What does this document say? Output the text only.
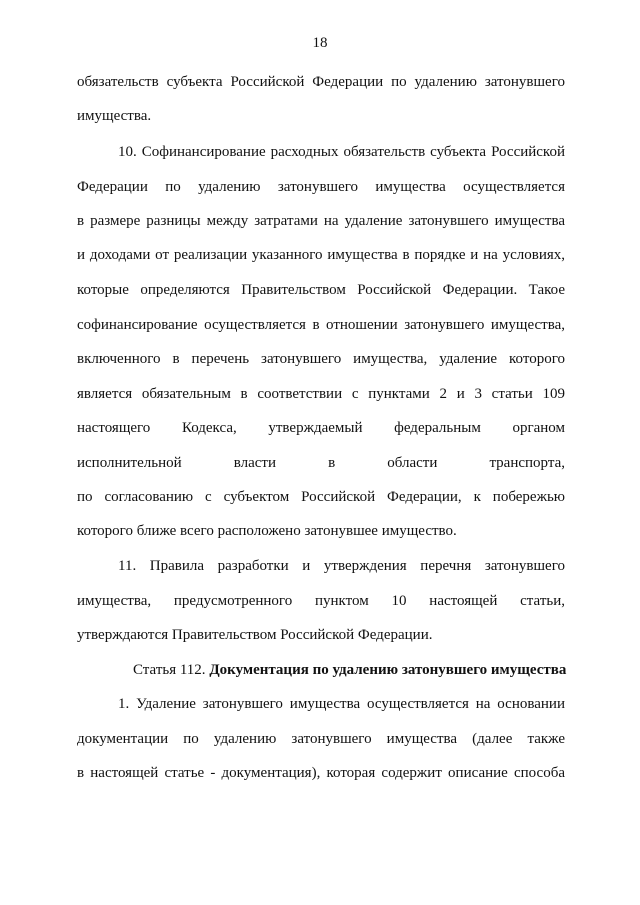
18
обязательств субъекта Российской Федерации по удалению затонувшего
имущества.
10. Софинансирование расходных обязательств субъекта Российской
Федерации по удалению затонувшего имущества осуществляется
в размере разницы между затратами на удаление затонувшего имущества
и доходами от реализации указанного имущества в порядке и на условиях,
которые определяются Правительством Российской Федерации. Такое
софинансирование осуществляется в отношении затонувшего имущества,
включенного в перечень затонувшего имущества, удаление которого
является обязательным в соответствии с пунктами 2 и 3 статьи 109
настоящего Кодекса, утверждаемый федеральным органом
исполнительной власти в области транспорта,
по согласованию с субъектом Российской Федерации, к побережью
которого ближе всего расположено затонувшее имущество.
11. Правила разработки и утверждения перечня затонувшего
имущества, предусмотренного пунктом 10 настоящей статьи,
утверждаются Правительством Российской Федерации.
Статья 112. Документация по удалению затонувшего имущества
1. Удаление затонувшего имущества осуществляется на основании
документации по удалению затонувшего имущества (далее также
в настоящей статье - документация), которая содержит описание способа
